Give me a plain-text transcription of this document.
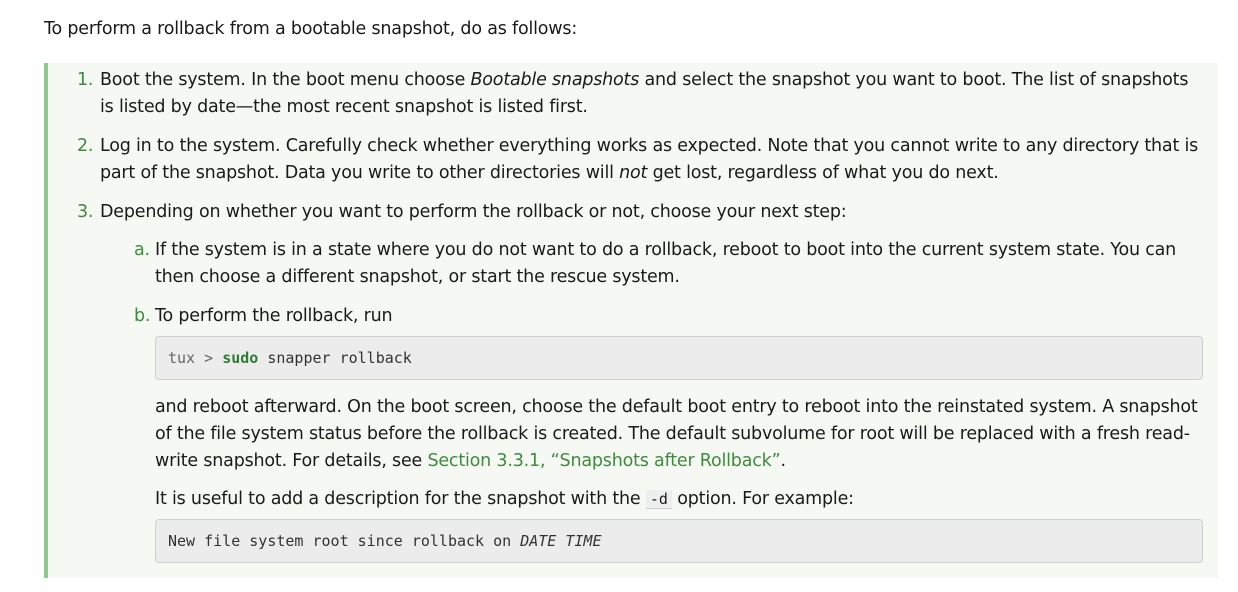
To perform a rollback from a bootable snapshot, do as follows:

1. Boot the system. In the boot menu choose Bootable snapshots and select the snapshot you want to boot. The list of snapshots is listed by date—the most recent snapshot is listed first.

2. Log in to the system. Carefully check whether everything works as expected. Note that you cannot write to any directory that is part of the snapshot. Data you write to other directories will not get lost, regardless of what you do next.

3. Depending on whether you want to perform the rollback or not, choose your next step:

a. If the system is in a state where you do not want to do a rollback, reboot to boot into the current system state. You can then choose a different snapshot, or start the rescue system.

b. To perform the rollback, run

tux > sudo snapper rollback

and reboot afterward. On the boot screen, choose the default boot entry to reboot into the reinstated system. A snapshot of the file system status before the rollback is created. The default subvolume for root will be replaced with a fresh read-write snapshot. For details, see Section 3.3.1, “Snapshots after Rollback”.

It is useful to add a description for the snapshot with the -d option. For example:

New file system root since rollback on DATE TIME
